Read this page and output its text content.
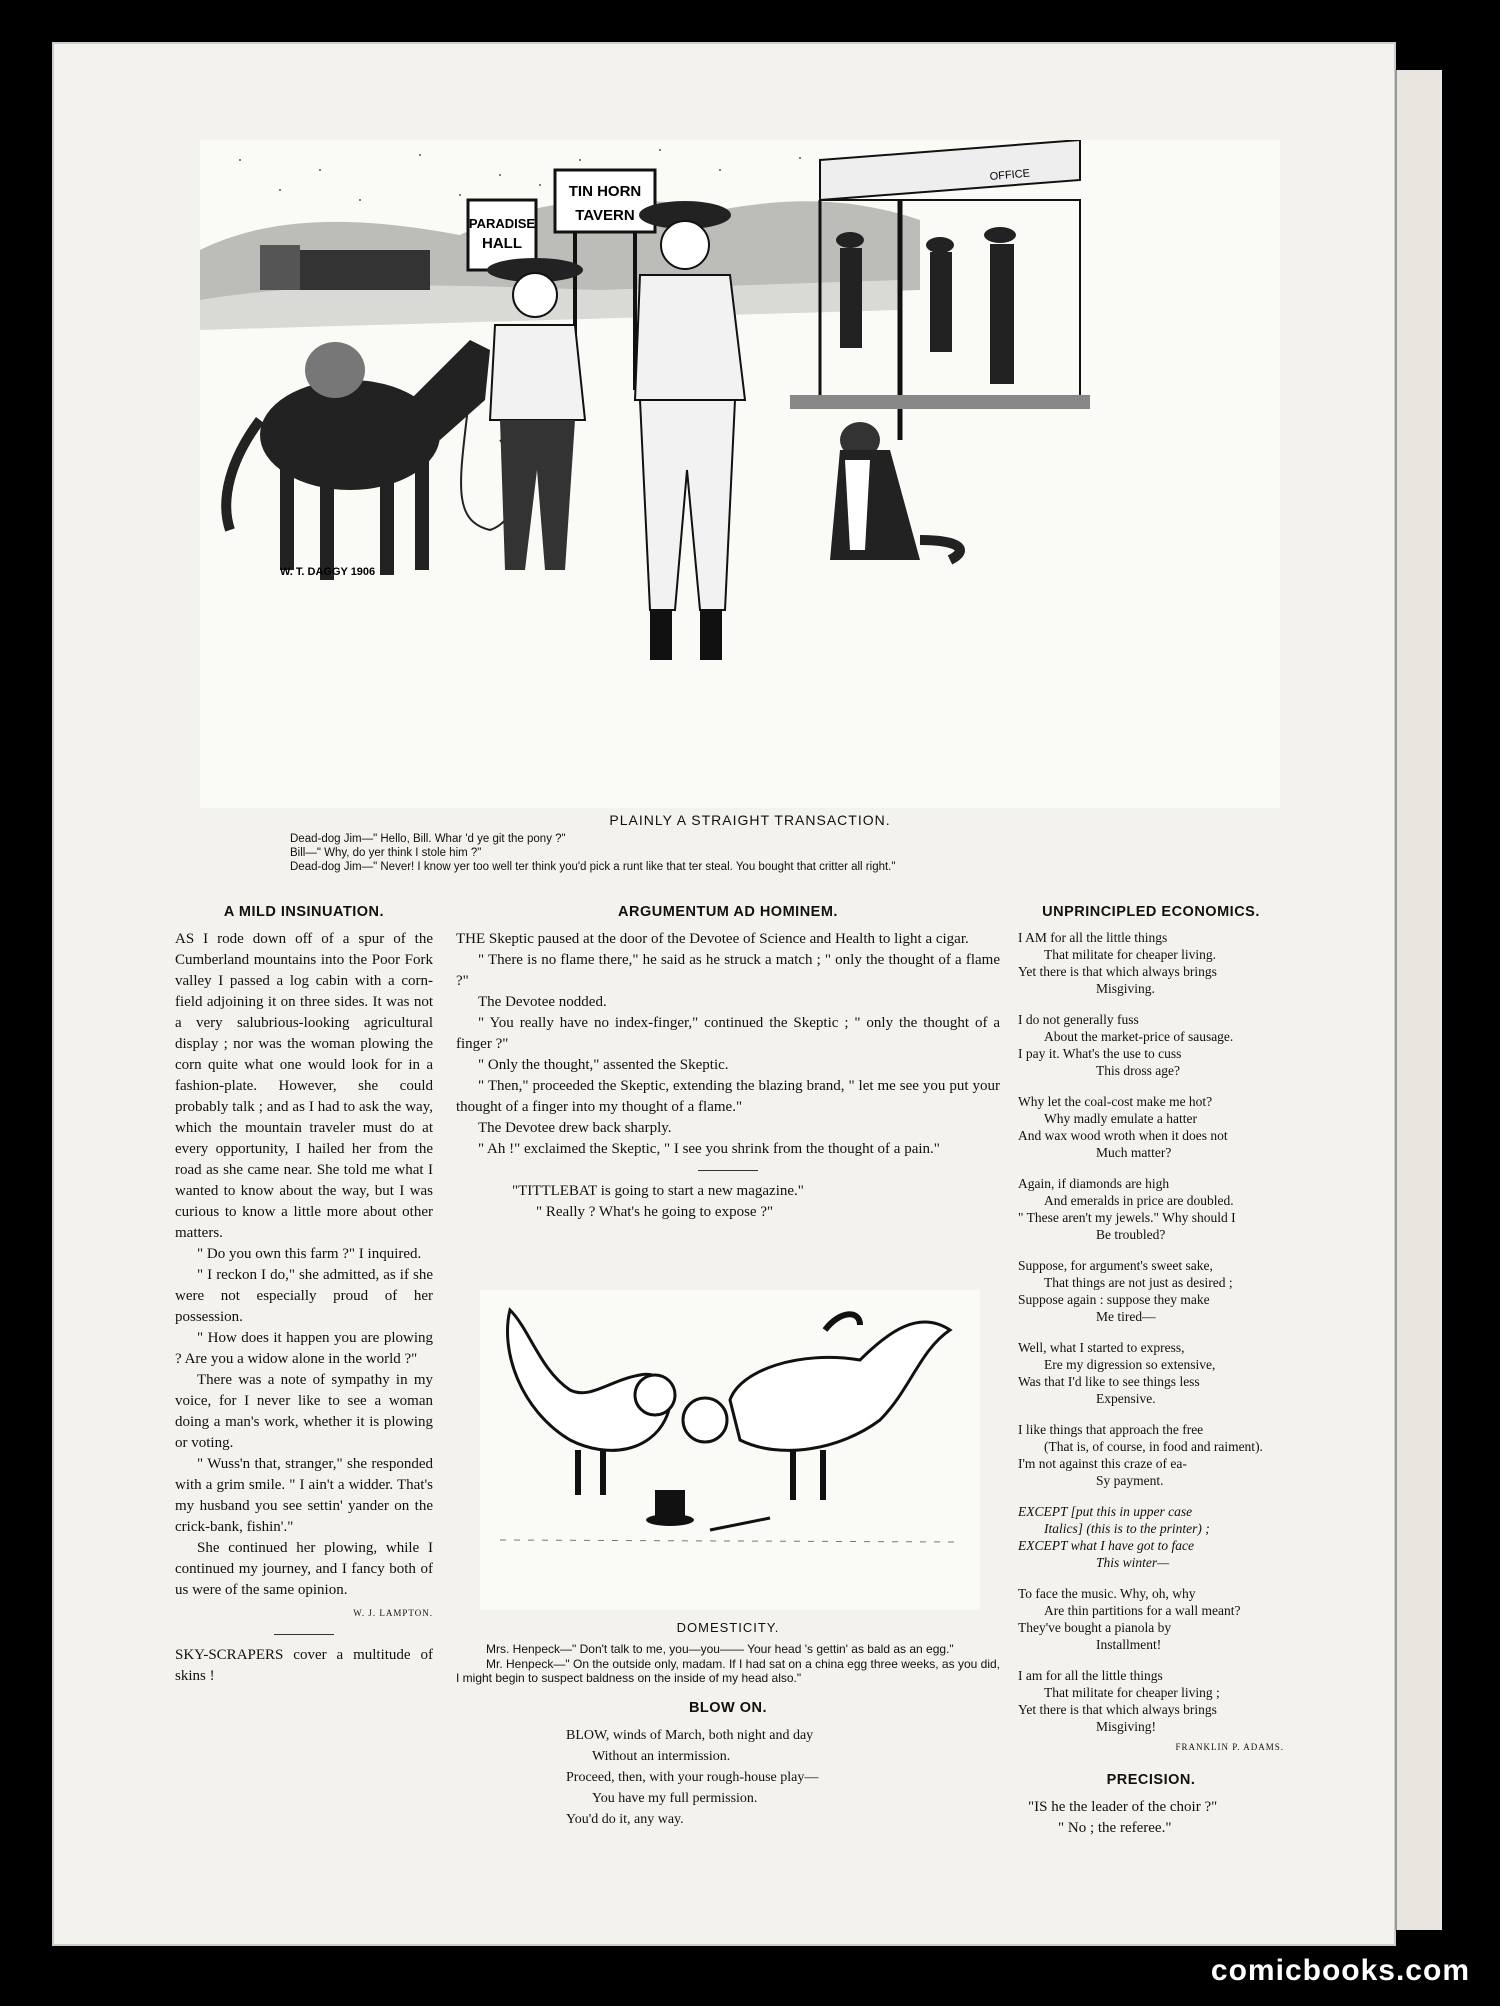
PARADISE
HALL
TIN HORN
TAVERN
OFFICE
W. T. DAGGY 1906
PLAINLY A STRAIGHT TRANSACTION.
Dead-dog Jim—" Hello, Bill. Whar 'd ye git the pony ?"
Bill—" Why, do yer think I stole him ?"
Dead-dog Jim—" Never! I know yer too well ter think you'd pick a runt like that ter steal. You bought that critter all right."
A MILD INSINUATION.

AS I rode down off of a spur of the Cumberland mountains into the Poor Fork valley I passed a log cabin with a corn-field adjoining it on three sides. It was not a very salubrious-looking agricultural display ; nor was the woman plowing the corn quite what one would look for in a fashion-plate. However, she could probably talk ; and as I had to ask the way, which the mountain traveler must do at every opportunity, I hailed her from the road as she came near. She told me what I wanted to know about the way, but I was curious to know a little more about other matters.

" Do you own this farm ?" I inquired.

" I reckon I do," she admitted, as if she were not especially proud of her possession.

" How does it happen you are plowing ? Are you a widow alone in the world ?"

There was a note of sympathy in my voice, for I never like to see a woman doing a man's work, whether it is plowing or voting.

" Wuss'n that, stranger," she responded with a grim smile. " I ain't a widder. That's my husband you see settin' yander on the crick-bank, fishin'."

She continued her plowing, while I continued my journey, and I fancy both of us were of the same opinion.

W. J. LAMPTON.

SKY-SCRAPERS cover a multitude of skins !

ARGUMENTUM AD HOMINEM.

THE Skeptic paused at the door of the Devotee of Science and Health to light a cigar.

" There is no flame there," he said as he struck a match ; " only the thought of a flame ?"

The Devotee nodded.

" You really have no index-finger," continued the Skeptic ; " only the thought of a finger ?"

" Only the thought," assented the Skeptic.

" Then," proceeded the Skeptic, extending the blazing brand, " let me see you put your thought of a finger into my thought of a flame."

The Devotee drew back sharply.

" Ah !" exclaimed the Skeptic, " I see you shrink from the thought of a pain."

"TITTLEBAT is going to start a new magazine."
" Really ? What's he going to expose ?"
DOMESTICITY.
Mrs. Henpeck—" Don't talk to me, you—you—— Your head 's gettin' as bald as an egg."
Mr. Henpeck—" On the outside only, madam. If I had sat on a china egg three weeks, as you did, I might begin to suspect baldness on the inside of my head also."
BLOW ON.
BLOW, winds of March, both night and day
Without an intermission.
Proceed, then, with your rough-house play—
You have my full permission.
You'd do it, any way.
UNPRINCIPLED ECONOMICS.
I AM for all the little things
That militate for cheaper living.
Yet there is that which always brings
Misgiving.
I do not generally fuss
About the market-price of sausage.
I pay it. What's the use to cuss
This dross age?
Why let the coal-cost make me hot?
Why madly emulate a hatter
And wax wood wroth when it does not
Much matter?
Again, if diamonds are high
And emeralds in price are doubled.
" These aren't my jewels." Why should I
Be troubled?
Suppose, for argument's sweet sake,
That things are not just as desired ;
Suppose again : suppose they make
Me tired—
Well, what I started to express,
Ere my digression so extensive,
Was that I'd like to see things less
Expensive.
I like things that approach the free
(That is, of course, in food and raiment).
I'm not against this craze of ea-
Sy payment.
EXCEPT [put this in upper case
Italics] (this is to the printer) ;
EXCEPT what I have got to face
This winter—
To face the music. Why, oh, why
Are thin partitions for a wall meant?
They've bought a pianola by
Installment!
I am for all the little things
That militate for cheaper living ;
Yet there is that which always brings
Misgiving!
FRANKLIN P. ADAMS.
PRECISION.
"IS he the leader of the choir ?"
" No ; the referee."
comicbooks.com
